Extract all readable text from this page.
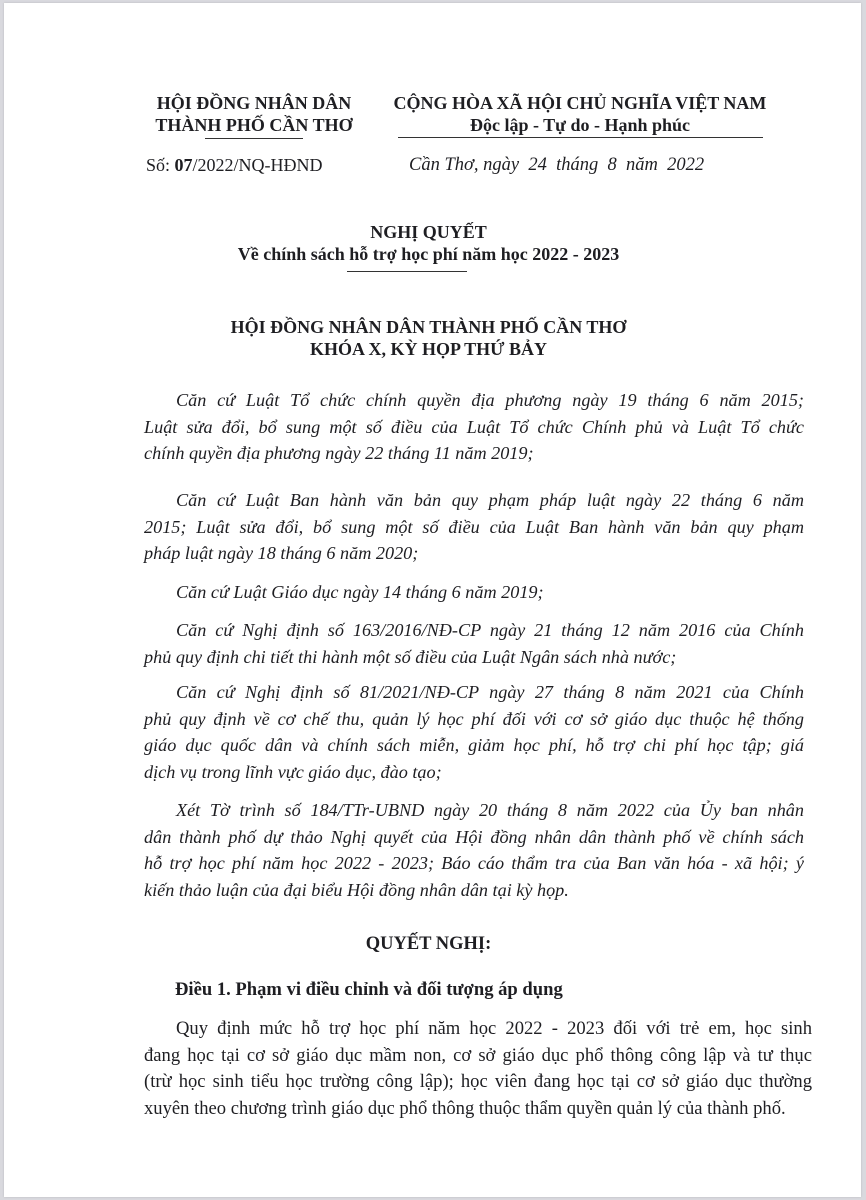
HỘI ĐỒNG NHÂN DÂN
THÀNH PHỐ CẦN THƠ
Số: 07/2022/NQ-HĐND
CỘNG HÒA XÃ HỘI CHỦ NGHĨA VIỆT NAM
Độc lập - Tự do - Hạnh phúc
Cần Thơ, ngày  24  tháng  8  năm  2022
NGHỊ QUYẾT
Về chính sách hỗ trợ học phí năm học 2022 - 2023
HỘI ĐỒNG NHÂN DÂN THÀNH PHỐ CẦN THƠ
KHÓA X, KỲ HỌP THỨ BẢY
Căn cứ Luật Tổ chức chính quyền địa phương ngày 19 tháng 6 năm 2015;
Luật sửa đổi, bổ sung một số điều của Luật Tổ chức Chính phủ và Luật Tổ chức
chính quyền địa phương ngày 22 tháng 11 năm 2019;
Căn cứ Luật Ban hành văn bản quy phạm pháp luật ngày 22 tháng 6 năm
2015; Luật sửa đổi, bổ sung một số điều của Luật Ban hành văn bản quy phạm
pháp luật ngày 18 tháng 6 năm 2020;
Căn cứ Luật Giáo dục ngày 14 tháng 6 năm 2019;
Căn cứ Nghị định số 163/2016/NĐ-CP ngày 21 tháng 12 năm 2016 của Chính
phủ quy định chi tiết thi hành một số điều của Luật Ngân sách nhà nước;
Căn cứ Nghị định số 81/2021/NĐ-CP ngày 27 tháng 8 năm 2021 của Chính
phủ quy định về cơ chế thu, quản lý học phí đối với cơ sở giáo dục thuộc hệ thống
giáo dục quốc dân và chính sách miễn, giảm học phí, hỗ trợ chi phí học tập; giá
dịch vụ trong lĩnh vực giáo dục, đào tạo;
Xét Tờ trình số 184/TTr-UBND ngày 20 tháng 8 năm 2022 của Ủy ban nhân
dân thành phố dự thảo Nghị quyết của Hội đồng nhân dân thành phố về chính sách
hỗ trợ học phí năm học 2022 - 2023; Báo cáo thẩm tra của Ban văn hóa - xã hội; ý
kiến thảo luận của đại biểu Hội đồng nhân dân tại kỳ họp.
QUYẾT NGHỊ:
Điều 1. Phạm vi điều chỉnh và đối tượng áp dụng
Quy định mức hỗ trợ học phí năm học 2022 - 2023 đối với trẻ em, học sinh
đang học tại cơ sở giáo dục mầm non, cơ sở giáo dục phổ thông công lập và tư thục
(trừ học sinh tiểu học trường công lập); học viên đang học tại cơ sở giáo dục thường
xuyên theo chương trình giáo dục phổ thông thuộc thẩm quyền quản lý của thành phố.
